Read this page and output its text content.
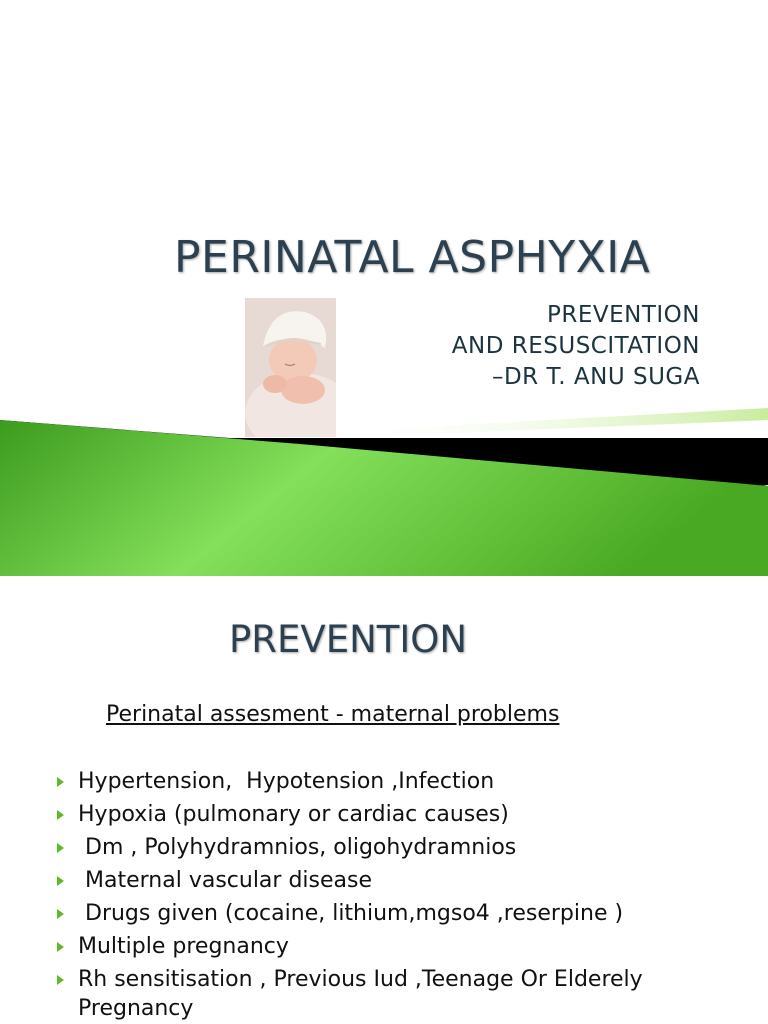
PERINATAL ASPHYXIA
PREVENTION
AND RESUSCITATION
–DR T. ANU SUGA
PREVENTION
Perinatal assesment - maternal problems
Hypertension,  Hypotension ,Infection
Hypoxia (pulmonary or cardiac causes)
Dm , Polyhydramnios, oligohydramnios
Maternal vascular disease
Drugs given (cocaine, lithium,mgso4 ,reserpine )
Multiple pregnancy
Rh sensitisation , Previous Iud ,Teenage Or Elderely Pregnancy
